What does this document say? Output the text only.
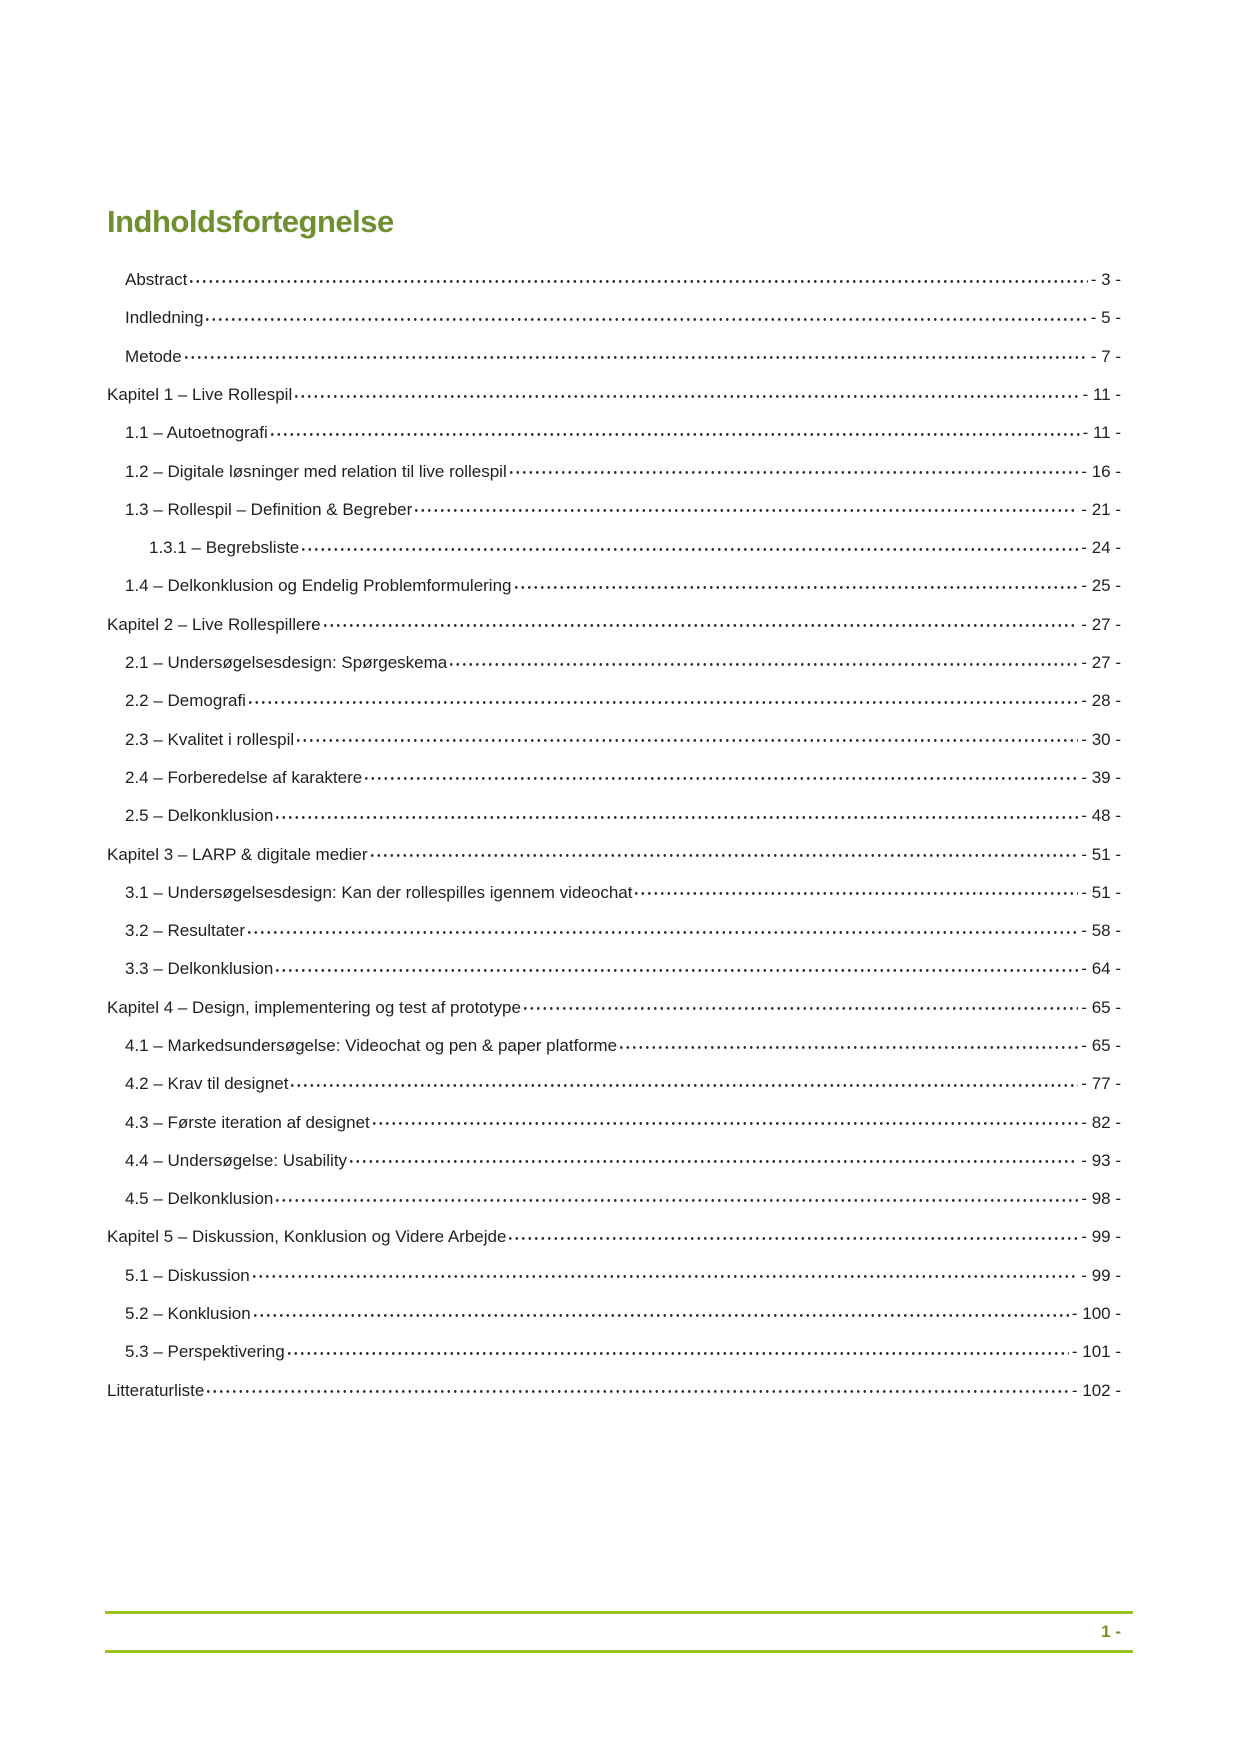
Indholdsfortegnelse
Abstract	- 3 -
Indledning	- 5 -
Metode	- 7 -
Kapitel 1 – Live Rollespil	- 11 -
1.1 – Autoetnografi	- 11 -
1.2 – Digitale løsninger med relation til live rollespil	- 16 -
1.3 – Rollespil – Definition & Begreber	- 21 -
1.3.1 – Begrebsliste	- 24 -
1.4 – Delkonklusion og Endelig Problemformulering	- 25 -
Kapitel 2 – Live Rollespillere	- 27 -
2.1 – Undersøgelsesdesign: Spørgeskema	- 27 -
2.2 – Demografi	- 28 -
2.3 – Kvalitet i rollespil	- 30 -
2.4 – Forberedelse af karaktere	- 39 -
2.5 – Delkonklusion	- 48 -
Kapitel 3 – LARP & digitale medier	- 51 -
3.1 – Undersøgelsesdesign: Kan der rollespilles igennem videochat	- 51 -
3.2 – Resultater	- 58 -
3.3 – Delkonklusion	- 64 -
Kapitel 4 – Design, implementering og test af prototype	- 65 -
4.1 – Markedsundersøgelse: Videochat og pen & paper platforme	- 65 -
4.2 – Krav til designet	- 77 -
4.3 – Første iteration af designet	- 82 -
4.4 – Undersøgelse: Usability	- 93 -
4.5 – Delkonklusion	- 98 -
Kapitel 5 – Diskussion, Konklusion og Videre Arbejde	- 99 -
5.1 – Diskussion	- 99 -
5.2 – Konklusion	- 100 -
5.3 – Perspektivering	- 101 -
Litteraturliste	- 102 -
1 -
